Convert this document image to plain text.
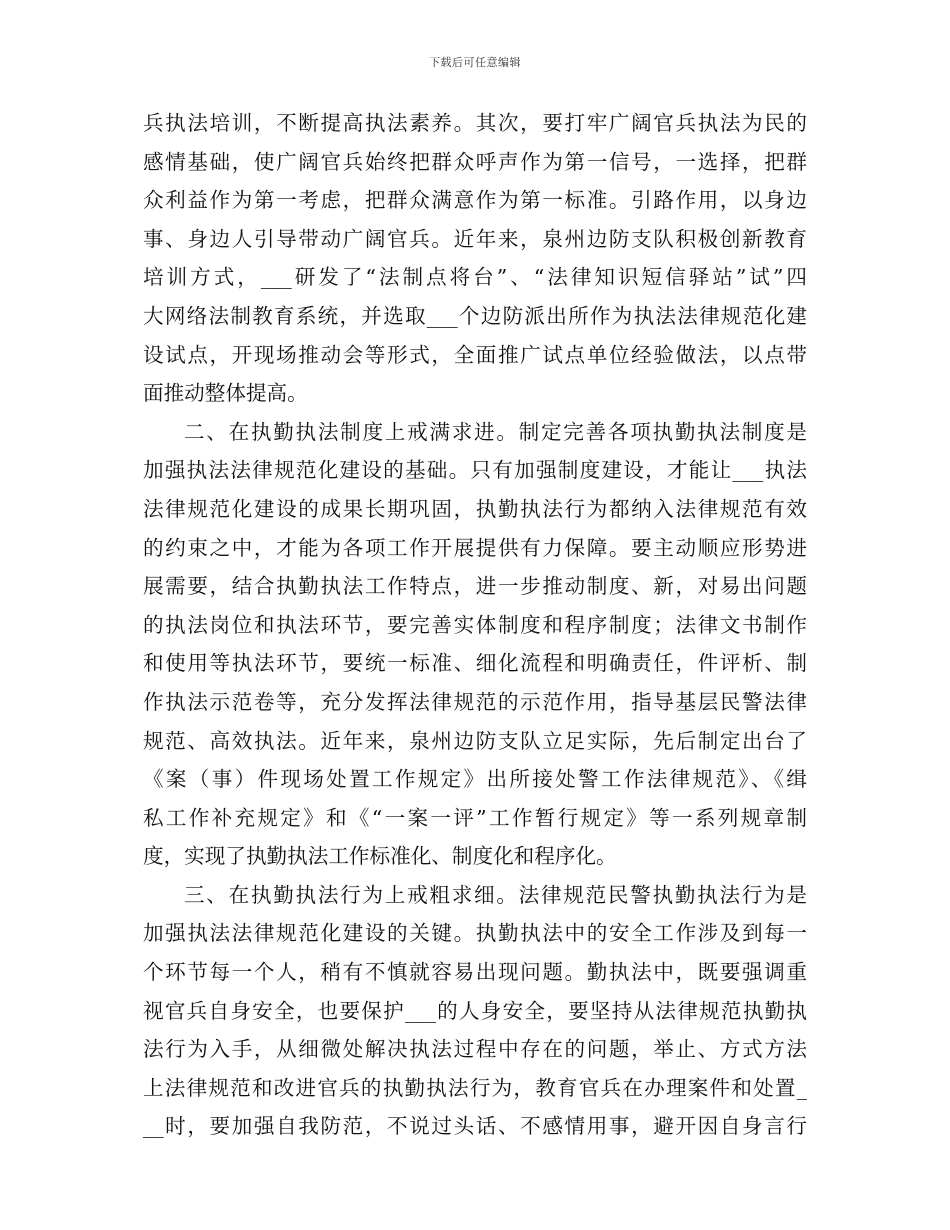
下载后可任意编辑
兵执法培训，不断提高执法素养。其次，要打牢广阔官兵执法为民的
感情基础，使广阔官兵始终把群众呼声作为第一信号，一选择，把群
众利益作为第一考虑，把群众满意作为第一标准。引路作用，以身边
事、身边人引导带动广阔官兵。近年来，泉州边防支队积极创新教育
培训方式，___研发了“法制点将台”、“法律知识短信驿站”试”四
大网络法制教育系统，并选取___个边防派出所作为执法法律规范化建
设试点，开现场推动会等形式，全面推广试点单位经验做法，以点带
面推动整体提高。
二、在执勤执法制度上戒满求进。制定完善各项执勤执法制度是
加强执法法律规范化建设的基础。只有加强制度建设，才能让___执法
法律规范化建设的成果长期巩固，执勤执法行为都纳入法律规范有效
的约束之中，才能为各项工作开展提供有力保障。要主动顺应形势进
展需要，结合执勤执法工作特点，进一步推动制度、新，对易出问题
的执法岗位和执法环节，要完善实体制度和程序制度；法律文书制作
和使用等执法环节，要统一标准、细化流程和明确责任，件评析、制
作执法示范卷等，充分发挥法律规范的示范作用，指导基层民警法律
规范、高效执法。近年来，泉州边防支队立足实际，先后制定出台了
《案（事）件现场处置工作规定》出所接处警工作法律规范》、《缉
私工作补充规定》和《“一案一评”工作暂行规定》等一系列规章制
度，实现了执勤执法工作标准化、制度化和程序化。
三、在执勤执法行为上戒粗求细。法律规范民警执勤执法行为是
加强执法法律规范化建设的关键。执勤执法中的安全工作涉及到每一
个环节每一个人，稍有不慎就容易出现问题。勤执法中，既要强调重
视官兵自身安全，也要保护___的人身安全，要坚持从法律规范执勤执
法行为入手，从细微处解决执法过程中存在的问题，举止、方式方法
上法律规范和改进官兵的执勤执法行为，教育官兵在办理案件和处置_
__时，要加强自我防范，不说过头话、不感情用事，避开因自身言行
